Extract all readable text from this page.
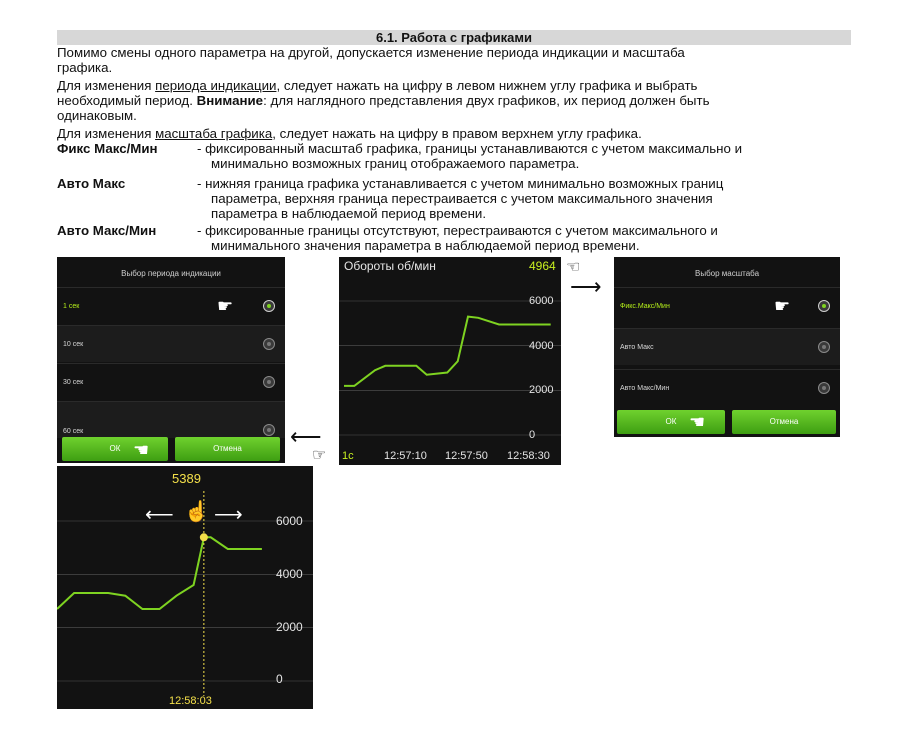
6.1. Работа с графиками
Помимо смены одного параметра на другой, допускается изменение периода индикации и масштаба
графика.
Для изменения периода индикации, следует нажать на цифру в левом нижнем углу графика и выбрать
необходимый период. Внимание: для наглядного представления двух графиков, их период должен быть
одинаковым.
Для изменения масштаба графика, следует нажать на цифру в правом верхнем углу графика.
Фикс Макс/Мин	- фиксированный масштаб графика, границы устанавливаются с учетом максимально и
минимально возможных границ отображаемого параметра.
Авто Макс	- нижняя граница графика устанавливается с учетом минимально возможных границ
параметра, верхняя граница перестраивается с учетом максимального значения
параметра в наблюдаемой период времени.
Авто Макс/Мин	- фиксированные границы отсутствуют, перестраиваются с учетом максимального и
минимального значения параметра в наблюдаемой период времени.
Выбор периода индикации
1 сек	☛
10 сек
30 сек
60 сек
ОК	Отмена
☚
⟵
⟶
☜
☞
Обороты об/мин	4964
6000
4000
2000
0
1с	12:57:10 12:57:50 12:58:30
Выбор масштаба
Фикс.Макс/Мин	☛
Авто Макс
Авто Макс/Мин
ОК	Отмена
☚
5389
⟵ ⟶
☝	6000
4000
2000
0
12:58:03
